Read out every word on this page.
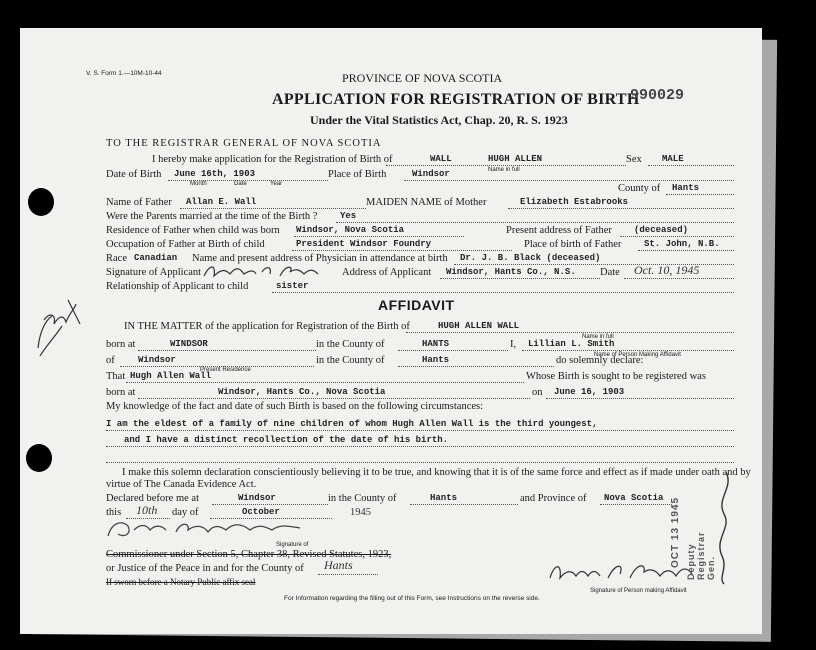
V. S. Form 1.—10M-10-44	PROVINCE OF NOVA SCOTIA
APPLICATION FOR REGISTRATION OF BIRTH
Under the Vital Statistics Act, Chap. 20, R. S. 1923
990029
TO THE REGISTRAR GENERAL OF NOVA SCOTIA
I hereby make application for the Registration of Birth of	WALL	HUGH ALLEN
Name in full
Sex MALE
Date of Birth June 16th, 1903
Month	Date	Year
Place of Birth	Windsor
County of Hants
Name of Father Allan E. Wall	MAIDEN NAME of Mother	Elizabeth Estabrooks
Were the Parents married at the time of the Birth ?	Yes
Residence of Father when child was born Windsor, Nova Scotia	Present address of Father (deceased)
Occupation of Father at Birth of child	President Windsor Foundry	Place of birth of Father	St. John, N.B.
Race Canadian Name and present address of Physician in attendance at birth Dr. J. B. Black (deceased)
Signature of Applicant	Address of Applicant Windsor, Hants Co., N.S. Date Oct. 10, 1945
Relationship of Applicant to child	sister
AFFIDAVIT
IN THE MATTER of the application for Registration of the Birth of	HUGH ALLEN WALL
Name in full
born at	WINDSOR	in the County of	HANTS	I, Lillian L. Smith
Name of Person Making Affidavit
of	Windsor
Present Residence
in the County of	Hants	do solemnly declare:
That Hugh Allen Wall	Whose Birth is sought to be registered was
born at	Windsor, Hants Co., Nova Scotia	on June 16, 1903
My knowledge of the fact and date of such Birth is based on the following circumstances:
I am the eldest of a family of nine children of whom Hugh Allen Wall is the third youngest,
and I have a distinct recollection of the date of his birth.
I make this solemn declaration conscientiously believing it to be true, and knowing that it is of the same force and effect as if made under oath and by
virtue of The Canada Evidence Act.
Declared before me at	Windsor	in the County of	Hants	and Province of Nova Scotia
this 10th day of	October	1945
Signature of
Commissioner under Section 5, Chapter 38, Revised Statutes, 1923,
or Justice of the Peace in and for the County of Hants
If sworn before a Notary Public affix seal
Signature of Person making Affidavit
OCT 13 1945 Deputy Registrar Gen.
For Information regarding the filling out of this Form, see Instructions on the reverse side.
